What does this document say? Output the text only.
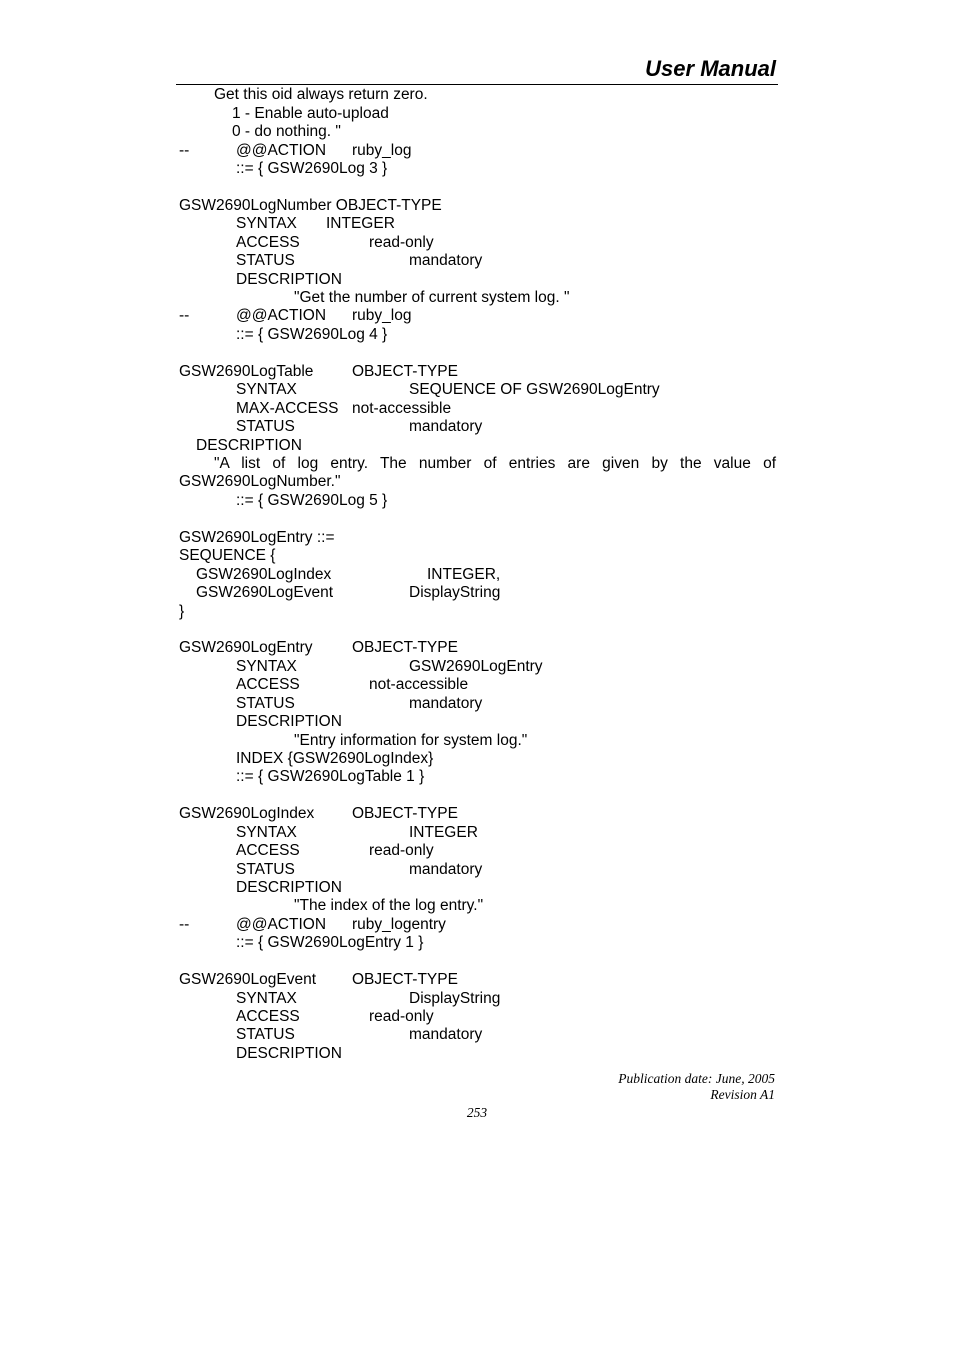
User Manual
Get this oid always return zero.
1 - Enable auto-upload
0 - do nothing. "
--	@@ACTION ruby_log
::= { GSW2690Log 3 }
GSW2690LogNumber OBJECT-TYPE
SYNTAX INTEGER
ACCESS	read-only
STATUS	mandatory
DESCRIPTION
"Get the number of current system log. "
--	@@ACTION ruby_log
::= { GSW2690Log 4 }
GSW2690LogTable OBJECT-TYPE
SYNTAX	SEQUENCE OF GSW2690LogEntry
MAX-ACCESS not-accessible
STATUS	mandatory
DESCRIPTION
"A list of log entry. The number of entries are given by the value of
GSW2690LogNumber."
::= { GSW2690Log 5 }
GSW2690LogEntry ::=
SEQUENCE {
GSW2690LogIndex	INTEGER,
GSW2690LogEvent	DisplayString
}
GSW2690LogEntry	OBJECT-TYPE
SYNTAX	GSW2690LogEntry
ACCESS	not-accessible
STATUS	mandatory
DESCRIPTION
"Entry information for system log."
INDEX {GSW2690LogIndex}
::= { GSW2690LogTable 1 }
GSW2690LogIndex OBJECT-TYPE
SYNTAX	INTEGER
ACCESS	read-only
STATUS	mandatory
DESCRIPTION
"The index of the log entry."
--	@@ACTION ruby_logentry
::= { GSW2690LogEntry 1 }
GSW2690LogEvent OBJECT-TYPE
SYNTAX	DisplayString
ACCESS	read-only
STATUS	mandatory
DESCRIPTION
Publication date: June, 2005
Revision A1
253
